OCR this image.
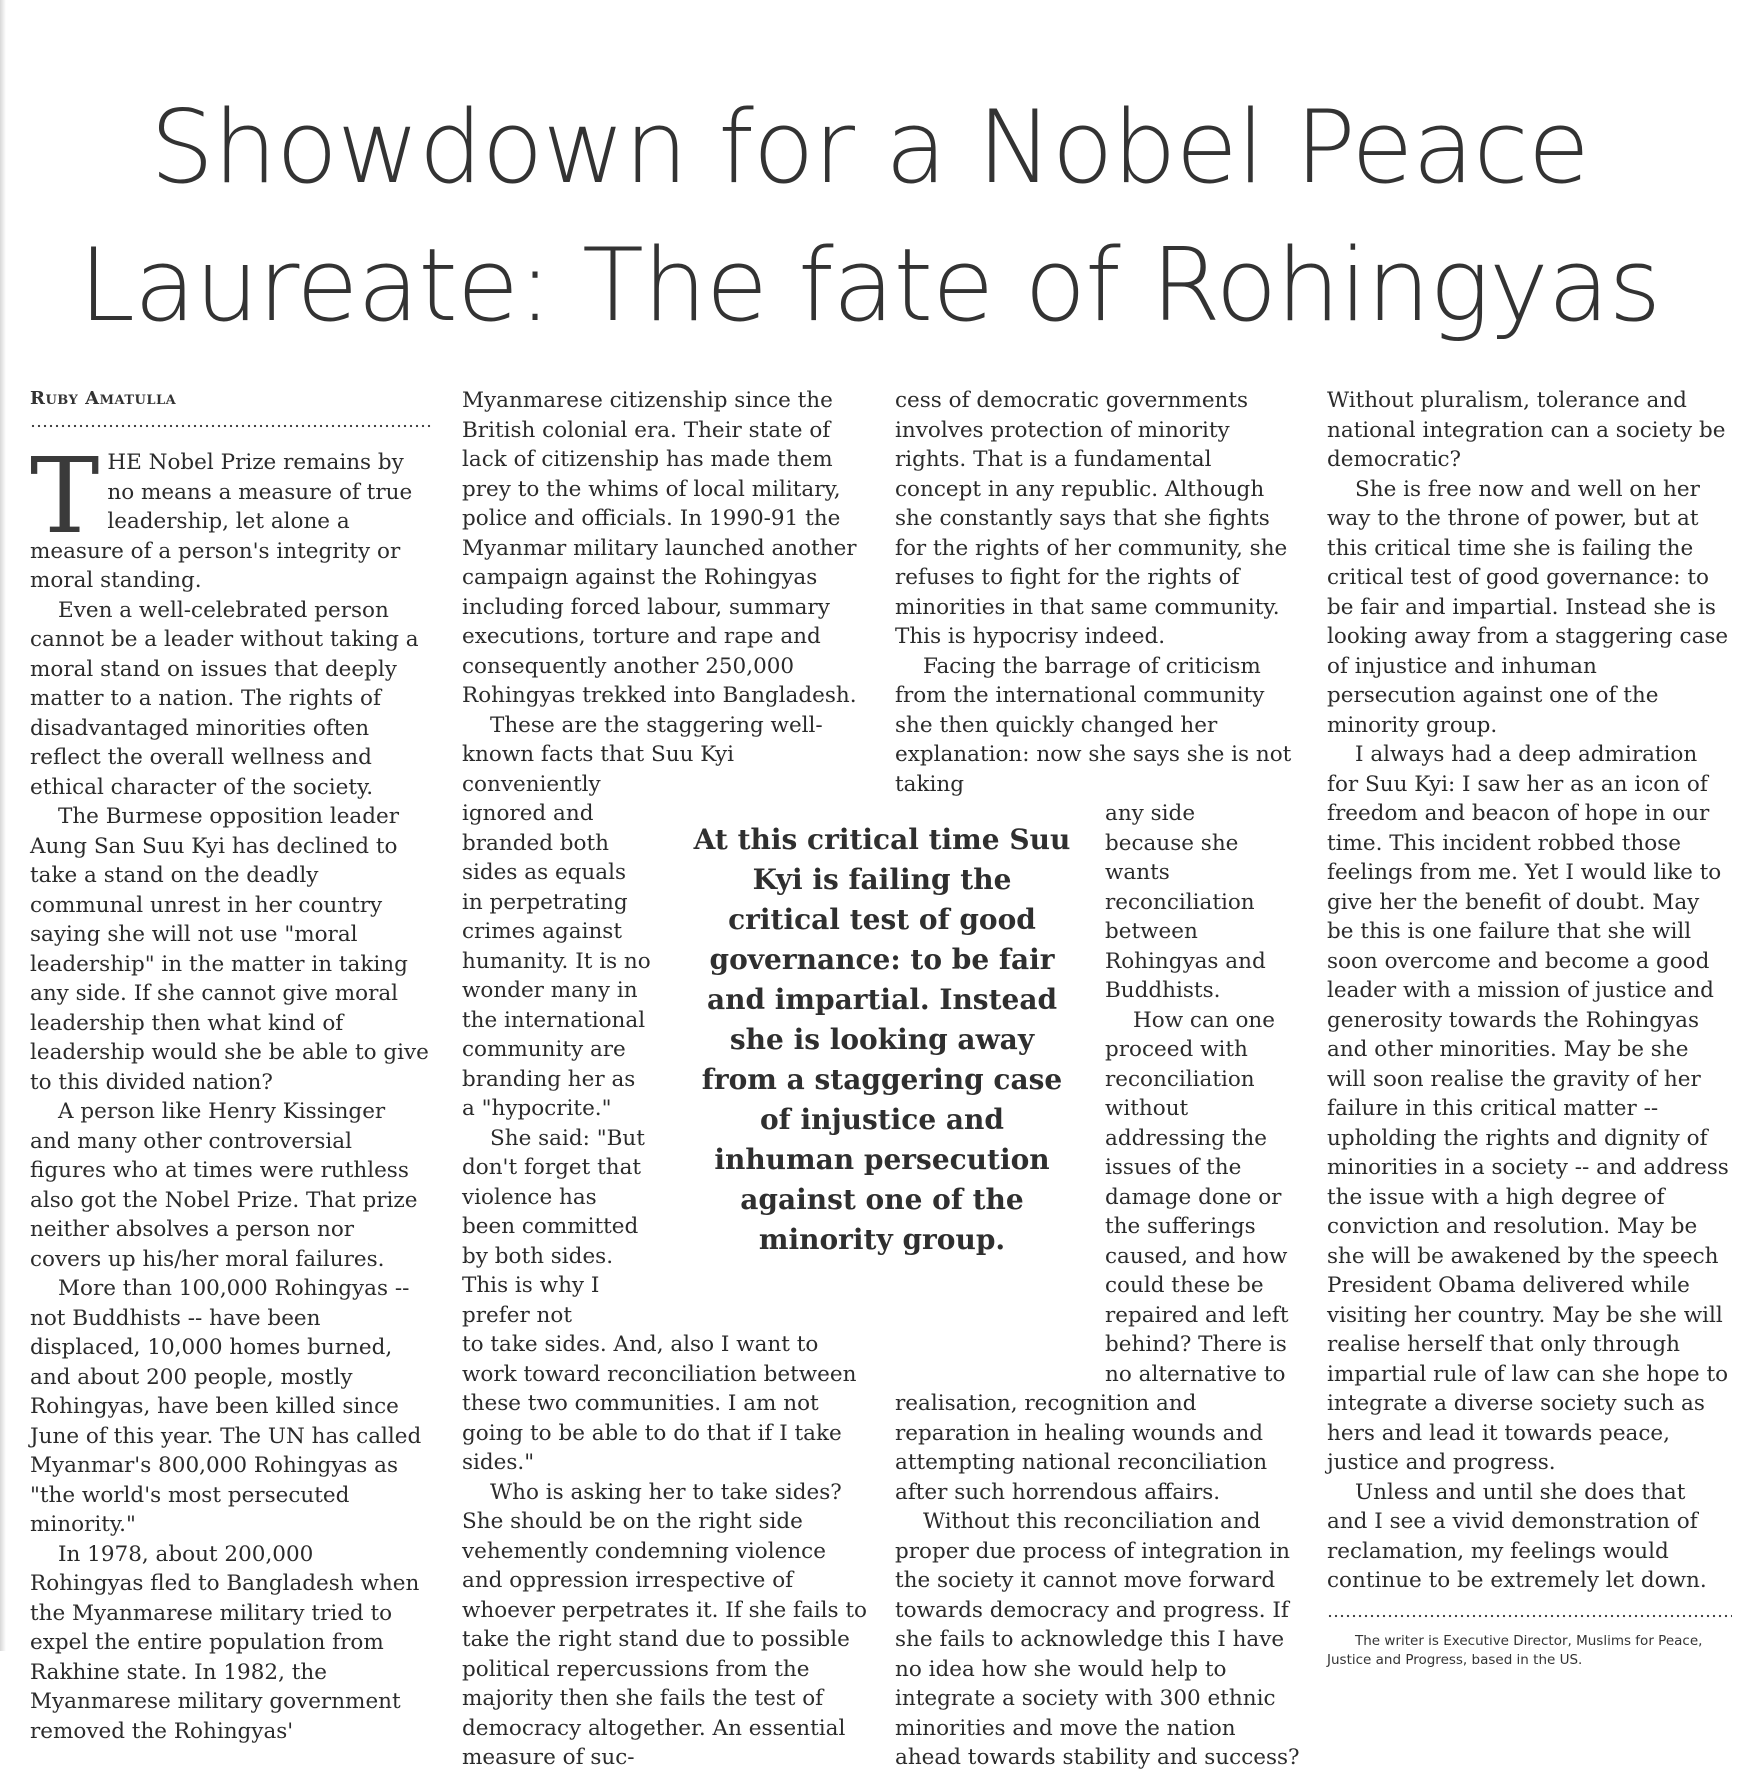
Showdown for a Nobel Peace
Laureate: The fate of Rohingyas
Ruby Amatulla

THE Nobel Prize remains by no means a measure of true leadership, let alone a measure of a person's integrity or moral standing.

Even a well-celebrated person cannot be a leader without taking a moral stand on issues that deeply matter to a nation. The rights of disadvantaged minorities often reflect the overall wellness and ethical character of the society.

The Burmese opposition leader Aung San Suu Kyi has declined to take a stand on the deadly communal unrest in her country saying she will not use "moral leadership" in the matter in taking any side. If she cannot give moral leadership then what kind of leadership would she be able to give to this divided nation?

A person like Henry Kissinger and many other controversial figures who at times were ruthless also got the Nobel Prize. That prize neither absolves a person nor covers up his/her moral failures.

More than 100,000 Rohingyas -- not Buddhists -- have been displaced, 10,000 homes burned, and about 200 people, mostly Rohingyas, have been killed since June of this year. The UN has called Myanmar's 800,000 Rohingyas as "the world's most persecuted minority."

In 1978, about 200,000 Rohingyas fled to Bangladesh when the Myanmarese military tried to expel the entire population from Rakhine state. In 1982, the Myanmarese military government removed the Rohingyas'

Myanmarese citizenship since the British colonial era. Their state of lack of citizenship has made them prey to the whims of local military, police and officials. In 1990-91 the Myanmar military launched another campaign against the Rohingyas including forced labour, summary executions, torture and rape and consequently another 250,000 Rohingyas trekked into Bangladesh.

These are the staggering well-known facts that Suu Kyi conveniently

ignored and branded both sides as equals in perpetrating crimes against humanity. It is no wonder many in the international community are branding her as a "hypocrite."

She said: "But don't forget that violence has been committed by both sides. This is why I prefer not

to take sides. And, also I want to work toward reconciliation between these two communities. I am not going to be able to do that if I take sides."

Who is asking her to take sides? She should be on the right side vehemently condemning violence and oppression irrespective of whoever perpetrates it. If she fails to take the right stand due to possible political repercussions from the majority then she fails the test of democracy altogether. An essential measure of suc-

At this critical time Suu Kyi is failing the critical test of good governance: to be fair and impartial. Instead she is looking away from a staggering case of injustice and inhuman persecution against one of the minority group.

cess of democratic governments involves protection of minority rights. That is a fundamental concept in any republic. Although she constantly says that she fights for the rights of her community, she refuses to fight for the rights of minorities in that same community. This is hypocrisy indeed.

Facing the barrage of criticism from the international community she then quickly changed her explanation: now she says she is not taking

any side because she wants reconciliation between Rohingyas and Buddhists.

How can one proceed with reconciliation without addressing the issues of the damage done or the sufferings caused, and how could these be repaired and left behind? There is no alternative to

realisation, recognition and reparation in healing wounds and attempting national reconciliation after such horrendous affairs.

Without this reconciliation and proper due process of integration in the society it cannot move forward towards democracy and progress. If she fails to acknowledge this I have no idea how she would help to integrate a society with 300 ethnic minorities and move the nation ahead towards stability and success?

Without pluralism, tolerance and national integration can a society be democratic?

She is free now and well on her way to the throne of power, but at this critical time she is failing the critical test of good governance: to be fair and impartial. Instead she is looking away from a staggering case of injustice and inhuman persecution against one of the minority group.

I always had a deep admiration for Suu Kyi: I saw her as an icon of freedom and beacon of hope in our time. This incident robbed those feelings from me. Yet I would like to give her the benefit of doubt. May be this is one failure that she will soon overcome and become a good leader with a mission of justice and generosity towards the Rohingyas and other minorities. May be she will soon realise the gravity of her failure in this critical matter -- upholding the rights and dignity of minorities in a society -- and address the issue with a high degree of conviction and resolution. May be she will be awakened by the speech President Obama delivered while visiting her country. May be she will realise herself that only through impartial rule of law can she hope to integrate a diverse society such as hers and lead it towards peace, justice and progress.

Unless and until she does that and I see a vivid demonstration of reclamation, my feelings would continue to be extremely let down.

The writer is Executive Director, Muslims for Peace, Justice and Progress, based in the US.
